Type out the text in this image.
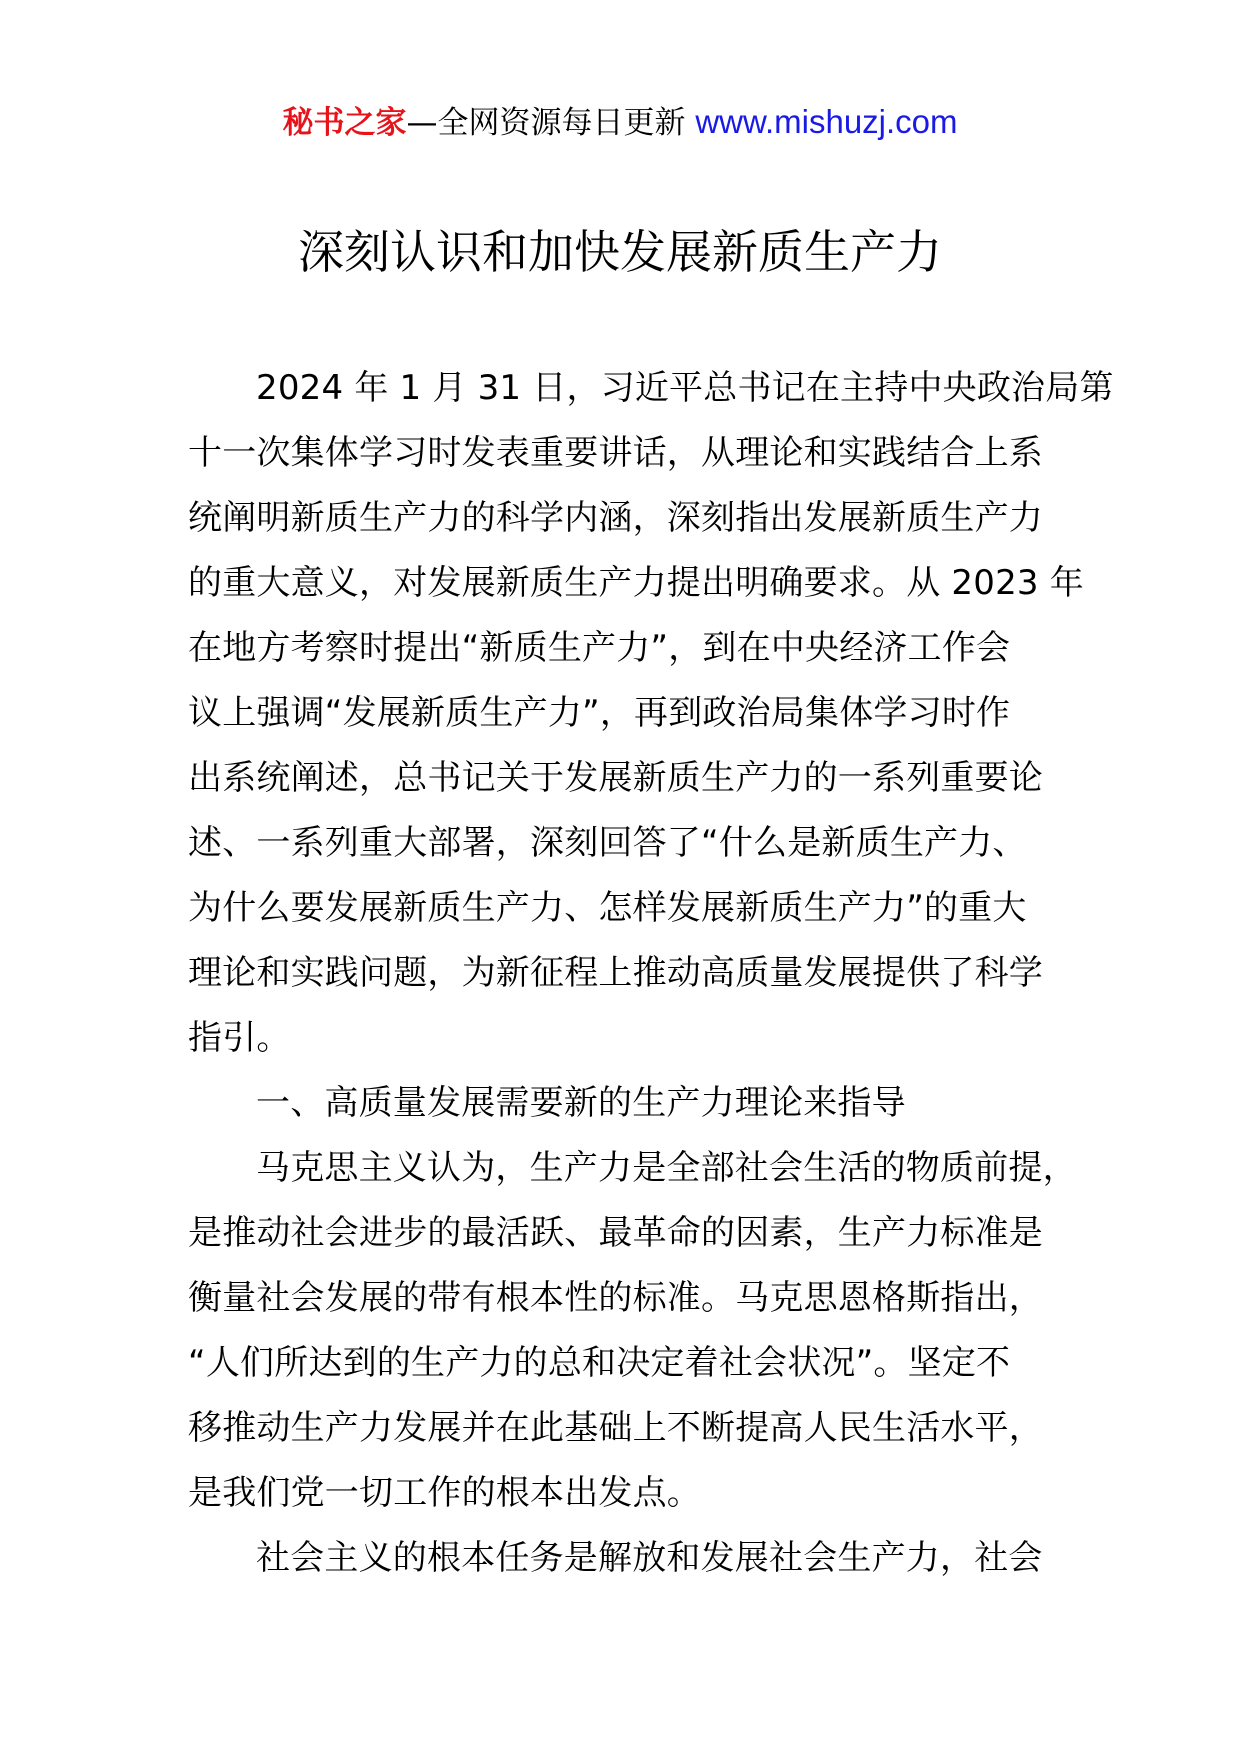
秘书之家—全网资源每日更新 www.mishuzj.com
深刻认识和加快发展新质生产力
2024 年 1 月 31 日，习近平总书记在主持中央政治局第
十一次集体学习时发表重要讲话，从理论和实践结合上系
统阐明新质生产力的科学内涵，深刻指出发展新质生产力
的重大意义，对发展新质生产力提出明确要求。从 2023 年
在地方考察时提出“新质生产力”，到在中央经济工作会
议上强调“发展新质生产力”，再到政治局集体学习时作
出系统阐述，总书记关于发展新质生产力的一系列重要论
述、一系列重大部署，深刻回答了“什么是新质生产力、
为什么要发展新质生产力、怎样发展新质生产力”的重大
理论和实践问题，为新征程上推动高质量发展提供了科学
指引。
一、高质量发展需要新的生产力理论来指导
马克思主义认为，生产力是全部社会生活的物质前提，
是推动社会进步的最活跃、最革命的因素，生产力标准是
衡量社会发展的带有根本性的标准。马克思恩格斯指出，
“人们所达到的生产力的总和决定着社会状况”。坚定不
移推动生产力发展并在此基础上不断提高人民生活水平，
是我们党一切工作的根本出发点。
社会主义的根本任务是解放和发展社会生产力，社会
